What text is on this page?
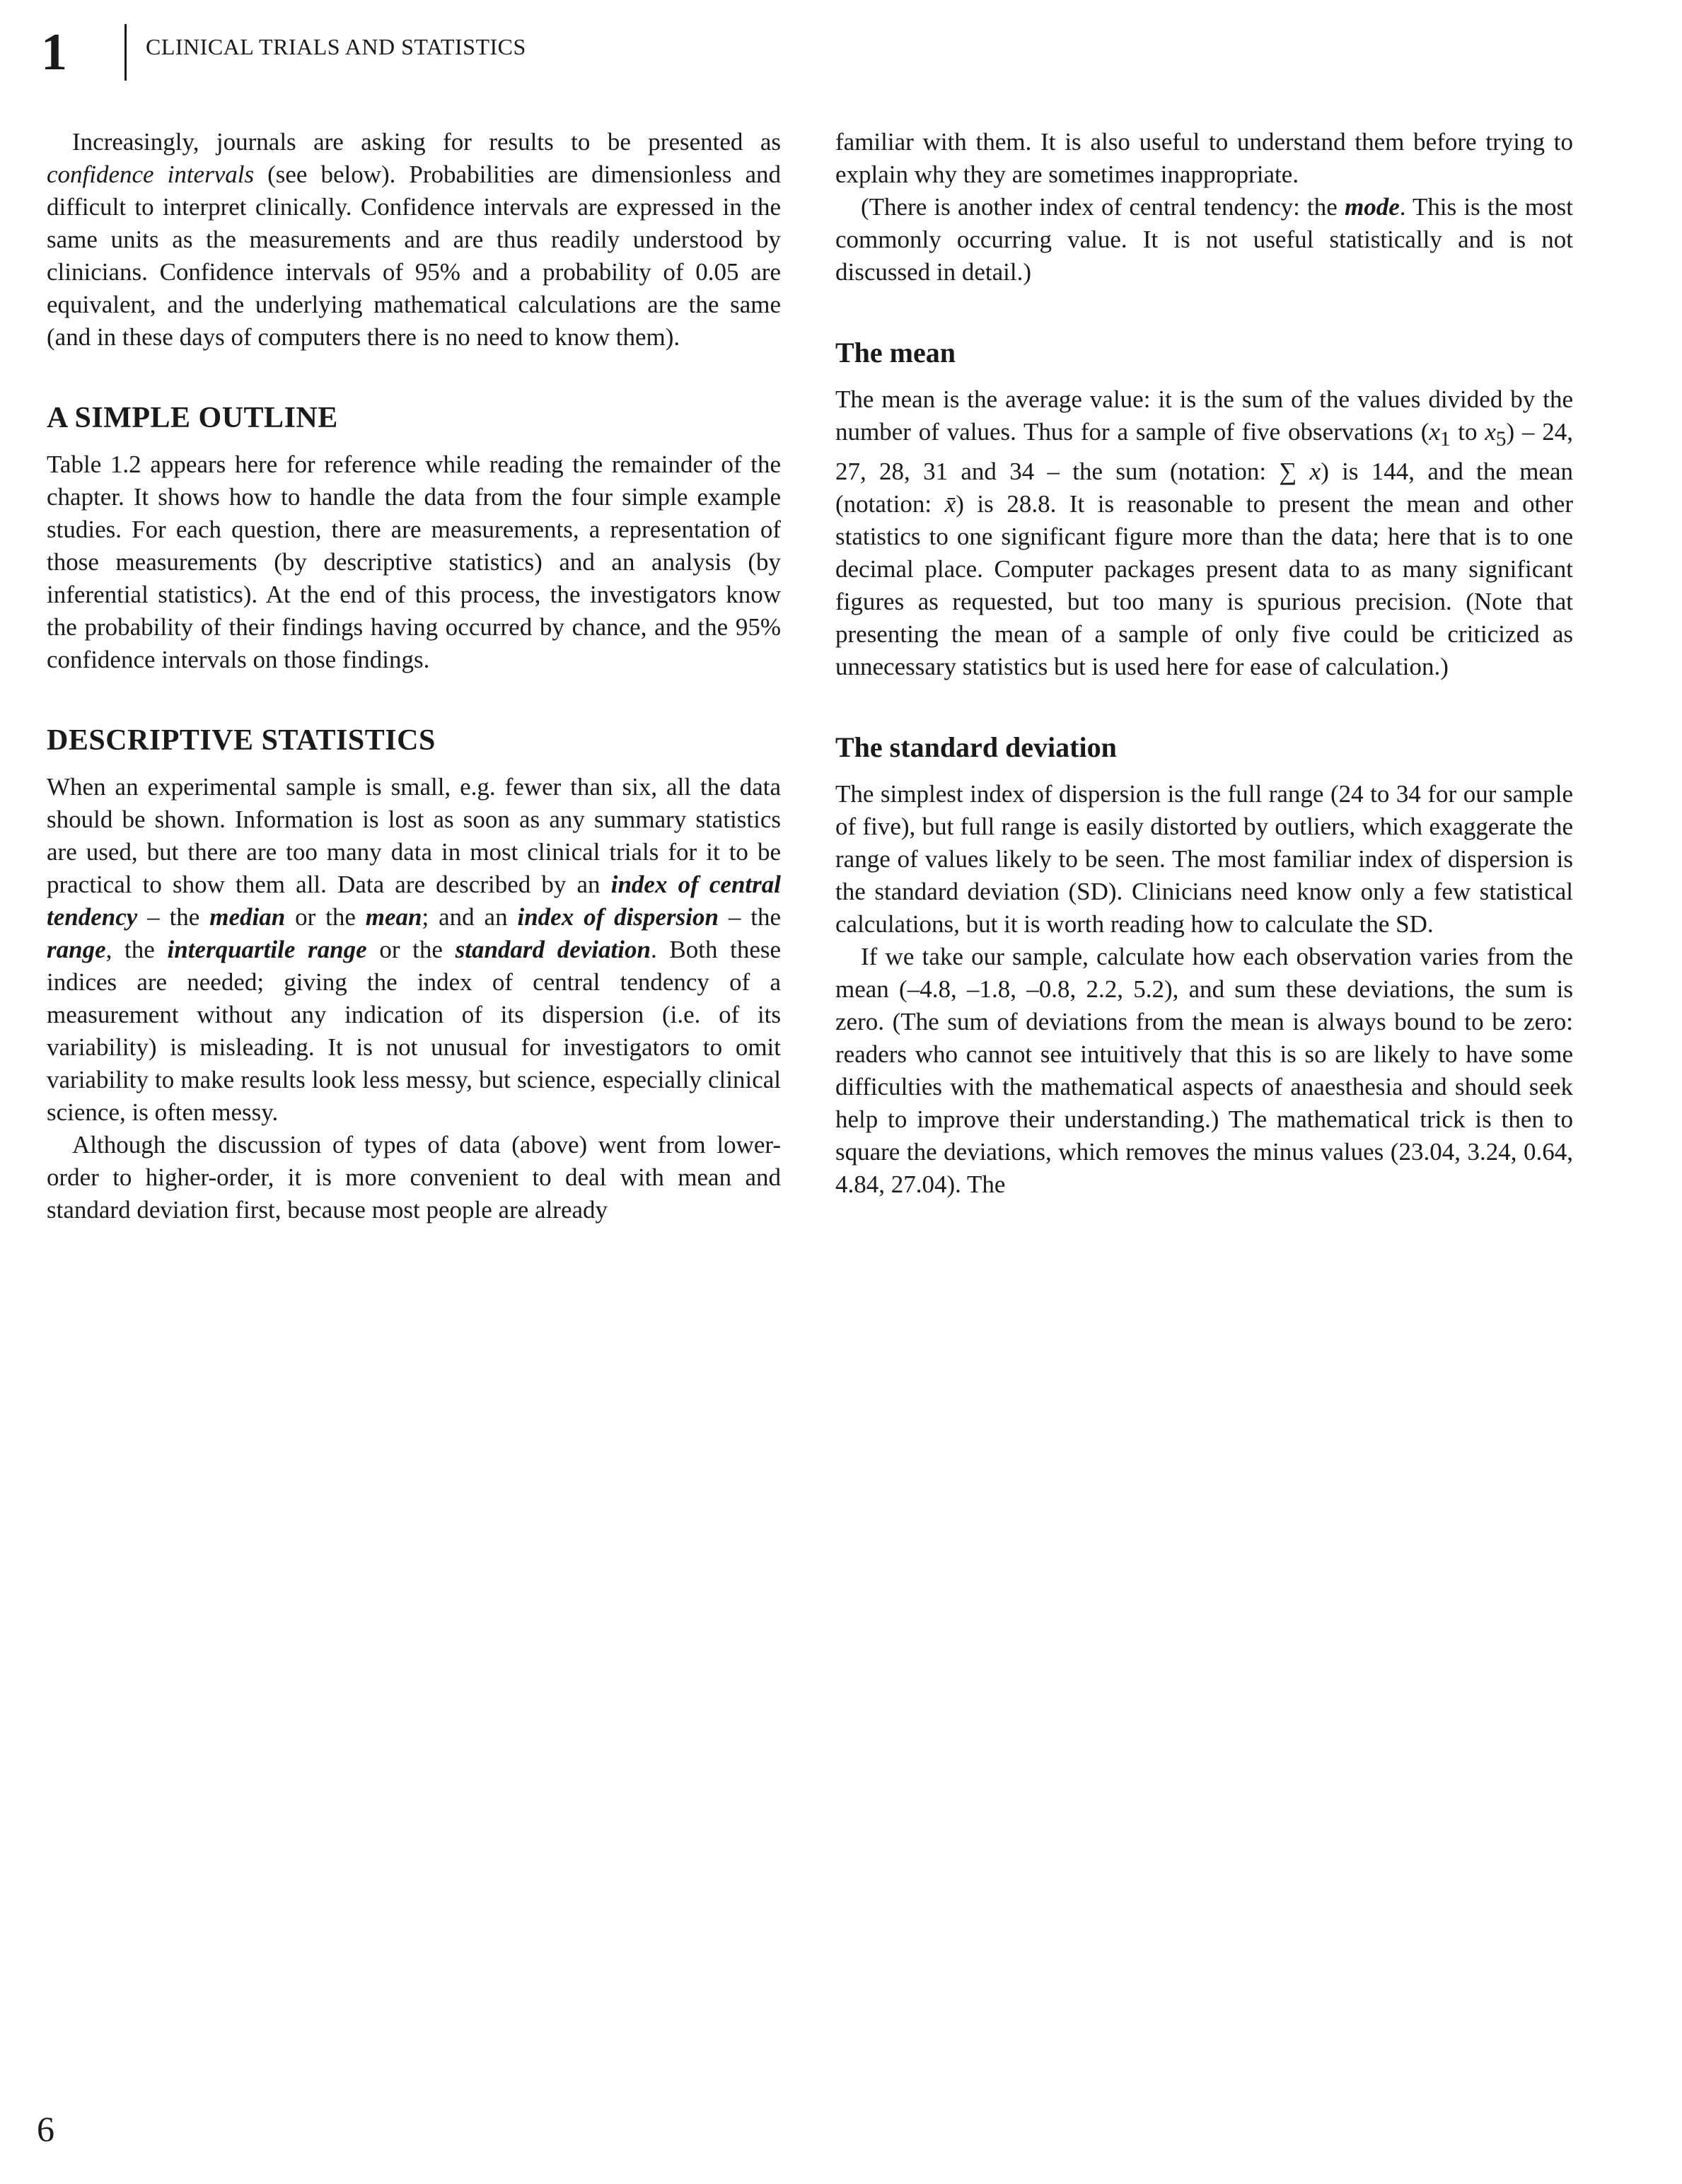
1	CLINICAL TRIALS AND STATISTICS

Increasingly, journals are asking for results to be presented as confidence intervals (see below). Probabilities are dimensionless and difficult to interpret clinically. Confidence intervals are expressed in the same units as the measurements and are thus readily understood by clinicians. Confidence intervals of 95% and a probability of 0.05 are equivalent, and the underlying mathematical calculations are the same (and in these days of computers there is no need to know them).

A SIMPLE OUTLINE

Table 1.2 appears here for reference while reading the remainder of the chapter. It shows how to handle the data from the four simple example studies. For each question, there are measurements, a representation of those measurements (by descriptive statistics) and an analysis (by inferential statistics). At the end of this process, the investigators know the probability of their findings having occurred by chance, and the 95% confidence intervals on those findings.

DESCRIPTIVE STATISTICS

When an experimental sample is small, e.g. fewer than six, all the data should be shown. Information is lost as soon as any summary statistics are used, but there are too many data in most clinical trials for it to be practical to show them all. Data are described by an index of central tendency – the median or the mean; and an index of dispersion – the range, the interquartile range or the standard deviation. Both these indices are needed; giving the index of central tendency of a measurement without any indication of its dispersion (i.e. of its variability) is misleading. It is not unusual for investigators to omit variability to make results look less messy, but science, especially clinical science, is often messy.

Although the discussion of types of data (above) went from lower-order to higher-order, it is more convenient to deal with mean and standard deviation first, because most people are already

familiar with them. It is also useful to understand them before trying to explain why they are sometimes inappropriate.

(There is another index of central tendency: the mode. This is the most commonly occurring value. It is not useful statistically and is not discussed in detail.)

The mean

The mean is the average value: it is the sum of the values divided by the number of values. Thus for a sample of five observations ($x_1$ to $x_5) - 24$, 27, 28, 31 and 34 – the sum (notation: ∑ x) is 144, and the mean (notation: x̄) is 28.8. It is reasonable to present the mean and other statistics to one significant figure more than the data; here that is to one decimal place. Computer packages present data to as many significant figures as requested, but too many is spurious precision. (Note that presenting the mean of a sample of only five could be criticized as unnecessary statistics but is used here for ease of calculation.)

The standard deviation

The simplest index of dispersion is the full range (24 to 34 for our sample of five), but full range is easily distorted by outliers, which exaggerate the range of values likely to be seen. The most familiar index of dispersion is the standard deviation (SD). Clinicians need know only a few statistical calculations, but it is worth reading how to calculate the SD.

If we take our sample, calculate how each observation varies from the mean (–4.8, –1.8, –0.8, 2.2, 5.2), and sum these deviations, the sum is zero. (The sum of deviations from the mean is always bound to be zero: readers who cannot see intuitively that this is so are likely to have some difficulties with the mathematical aspects of anaesthesia and should seek help to improve their understanding.) The mathematical trick is then to square the deviations, which removes the minus values (23.04, 3.24, 0.64, 4.84, 27.04). The

6
